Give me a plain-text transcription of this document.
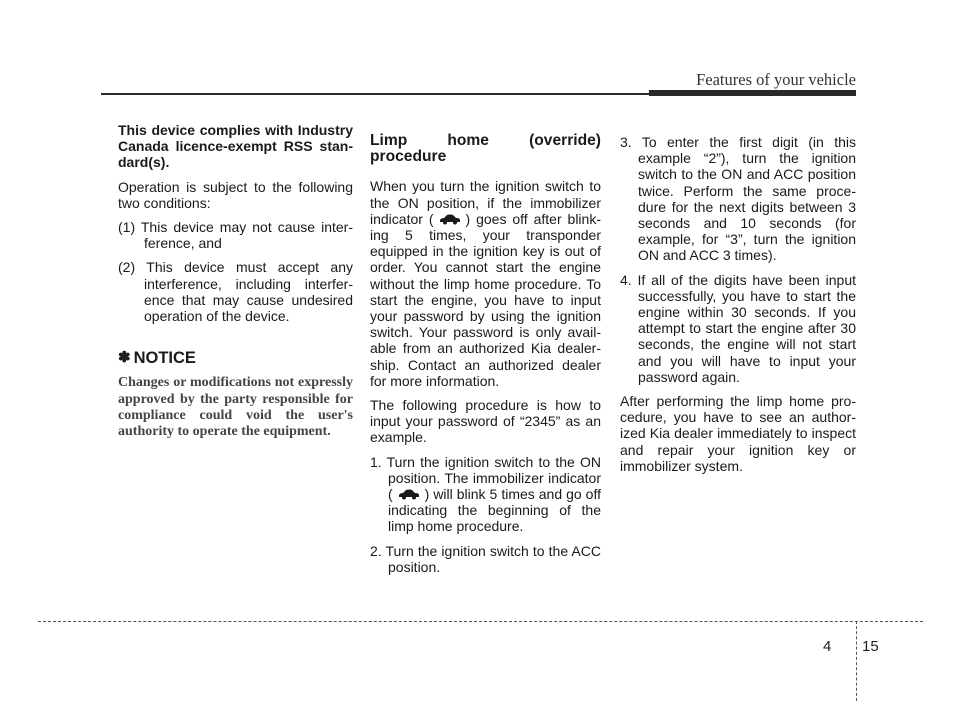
Features of your vehicle

This device complies with Industry Canada licence-exempt RSS stan-dard(s).

Operation is subject to the following two conditions:

(1) This device may not cause inter-ference, and

(2) This device must accept any interference, including interfer-ence that may cause undesired operation of the device.

✽ NOTICE
Changes or modifications not expressly approved by the party responsible for compliance could void the user's authority to operate the equipment.
Limp home (override) procedure

When you turn the ignition switch to the ON position, if the immobilizer indicator ( ) goes off after blink-ing 5 times, your transponder equipped in the ignition key is out of order. You cannot start the engine without the limp home procedure. To start the engine, you have to input your password by using the ignition switch. Your password is only avail-able from an authorized Kia dealer-ship. Contact an authorized dealer for more information.

The following procedure is how to input your password of “2345” as an example.

1. Turn the ignition switch to the ON position. The immobilizer indicator ( ) will blink 5 times and go off indicating the beginning of the limp home procedure.

2. Turn the ignition switch to the ACC position.

3. To enter the first digit (in this example “2”), turn the ignition switch to the ON and ACC position twice. Perform the same proce-dure for the next digits between 3 seconds and 10 seconds (for example, for “3”, turn the ignition ON and ACC 3 times).

4. If all of the digits have been input successfully, you have to start the engine within 30 seconds. If you attempt to start the engine after 30 seconds, the engine will not start and you will have to input your password again.

After performing the limp home pro-cedure, you have to see an author-ized Kia dealer immediately to inspect and repair your ignition key or immobilizer system.

4 15
